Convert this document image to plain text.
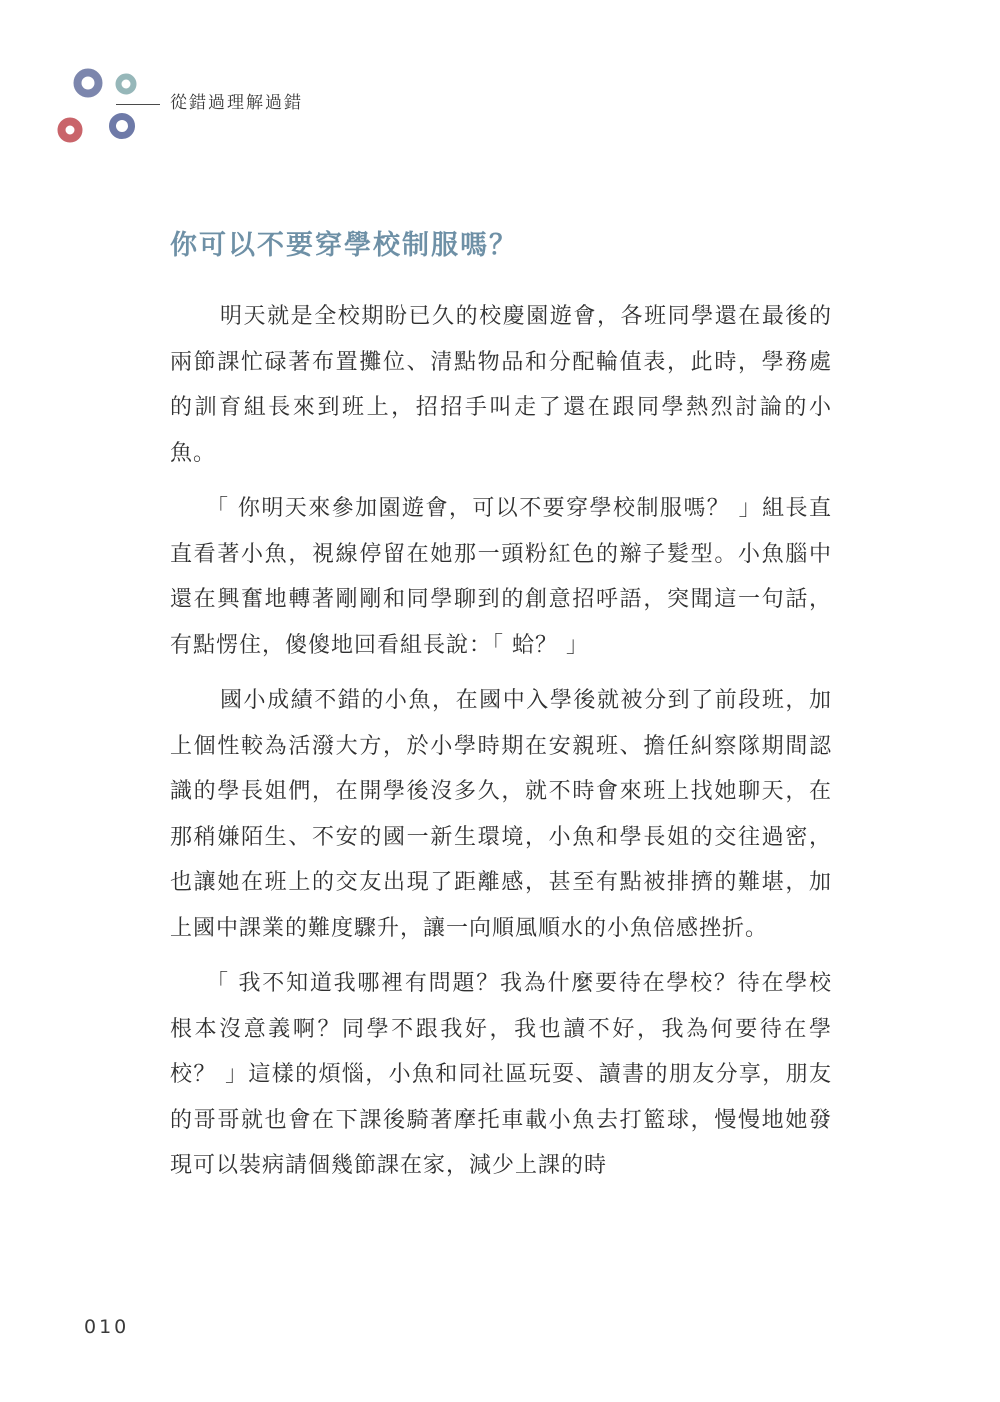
從錯過理解過錯
你可以不要穿學校制服嗎？

明天就是全校期盼已久的校慶園遊會，各班同學還在最後的兩節課忙碌著布置攤位、清點物品和分配輪值表，此時，學務處的訓育組長來到班上，招招手叫走了還在跟同學熱烈討論的小魚。

「 你明天來參加園遊會，可以不要穿學校制服嗎？ 」組長直直看著小魚，視線停留在她那一頭粉紅色的辮子髮型。小魚腦中還在興奮地轉著剛剛和同學聊到的創意招呼語，突聞這一句話，有點愣住，傻傻地回看組長說：「 蛤？ 」

國小成績不錯的小魚，在國中入學後就被分到了前段班，加上個性較為活潑大方，於小學時期在安親班、擔任糾察隊期間認識的學長姐們，在開學後沒多久，就不時會來班上找她聊天，在那稍嫌陌生、不安的國一新生環境，小魚和學長姐的交往過密，也讓她在班上的交友出現了距離感，甚至有點被排擠的難堪，加上國中課業的難度驟升，讓一向順風順水的小魚倍感挫折。

「 我不知道我哪裡有問題？我為什麼要待在學校？待在學校根本沒意義啊？同學不跟我好，我也讀不好，我為何要待在學校？ 」這樣的煩惱，小魚和同社區玩耍、讀書的朋友分享，朋友的哥哥就也會在下課後騎著摩托車載小魚去打籃球，慢慢地她發現可以裝病請個幾節課在家，減少上課的時

010
